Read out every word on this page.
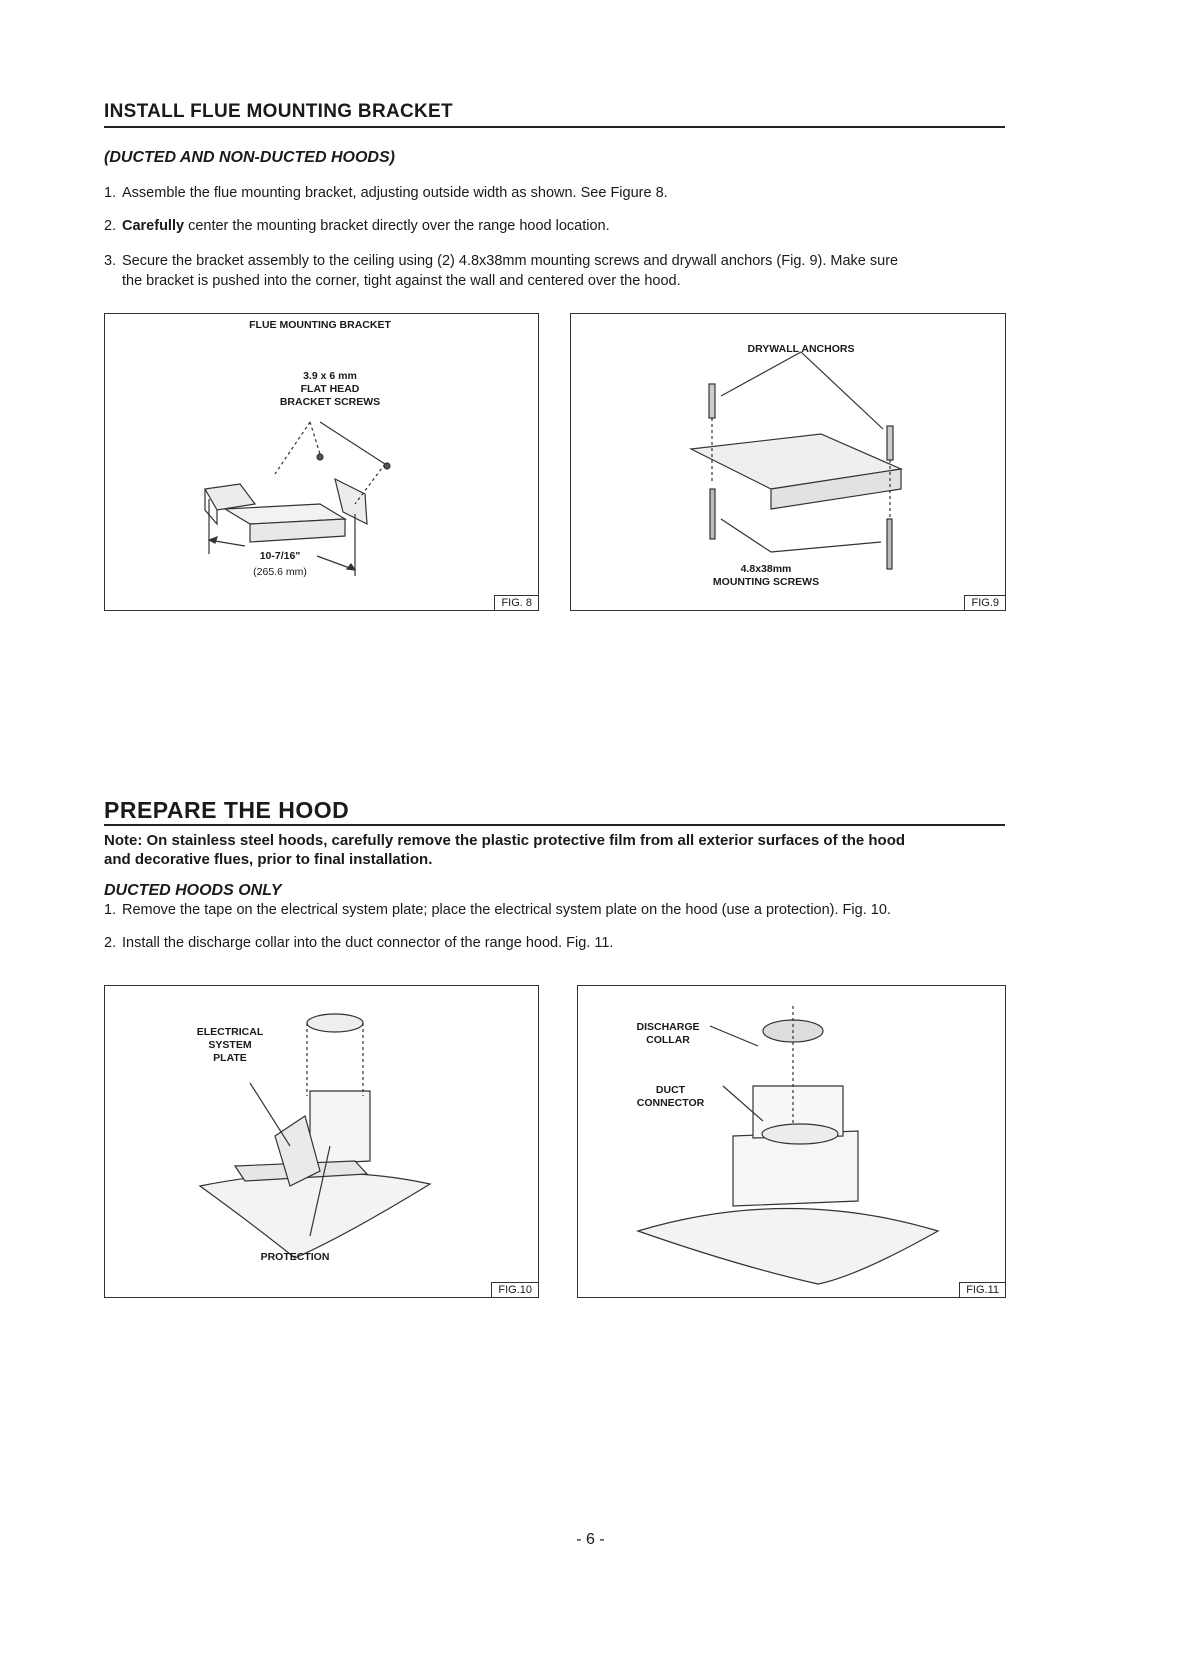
INSTALL FLUE MOUNTING BRACKET
(DUCTED AND NON-DUCTED HOODS)
1. Assemble the flue mounting bracket, adjusting outside width as shown. See Figure 8.
2. Carefully center the mounting bracket directly over the range hood location.
3. Secure the bracket assembly to the ceiling using (2) 4.8x38mm mounting screws and drywall anchors (Fig. 9). Make sure
the bracket is pushed into the corner, tight against the wall and centered over the hood.
FLUE MOUNTING BRACKET
3.9 x 6 mm
FLAT HEAD
BRACKET SCREWS
10-7/16"
(265.6 mm)
FIG. 8
DRYWALL ANCHORS
4.8x38mm
MOUNTING SCREWS
FIG.9
PREPARE THE HOOD
Note: On stainless steel hoods, carefully remove the plastic protective film from all exterior surfaces of the hood
and decorative flues, prior to final installation.
DUCTED HOODS ONLY
1. Remove the tape on the electrical system plate; place the electrical system plate on the hood (use a protection). Fig. 10.
2. Install the discharge collar into the duct connector of the range hood. Fig. 11.
ELECTRICAL
SYSTEM
PLATE
PROTECTION
FIG.10
DISCHARGE
COLLAR
DUCT
CONNECTOR
FIG.11
- 6 -
